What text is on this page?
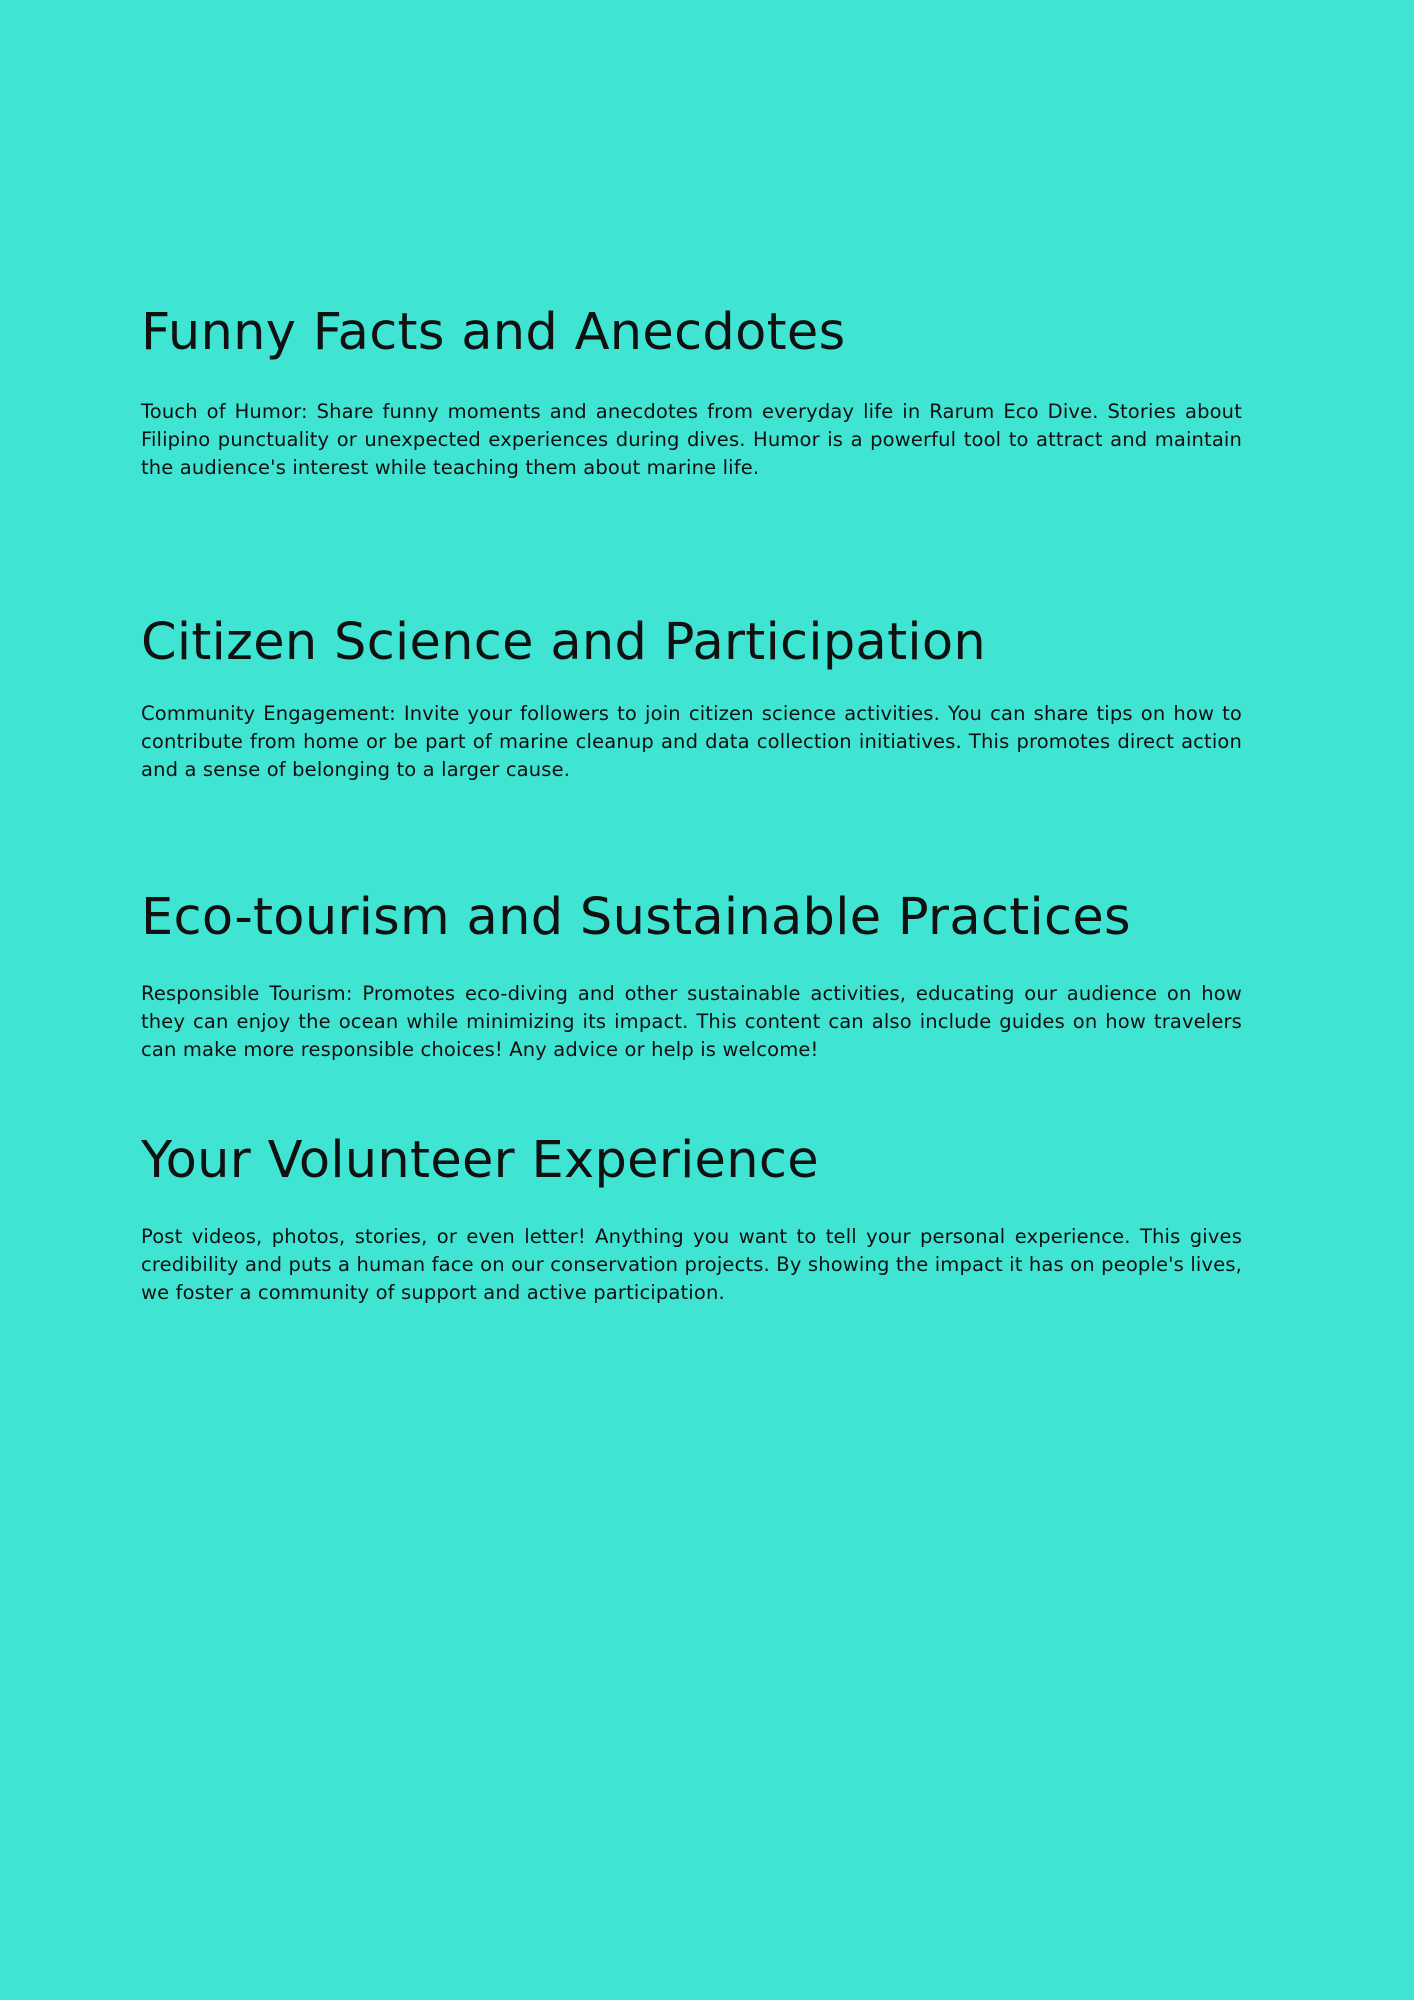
Funny Facts and Anecdotes

Touch of Humor: Share funny moments and anecdotes from everyday life in Rarum Eco Dive. Stories about Filipino punctuality or unexpected experiences during dives. Humor is a powerful tool to attract and maintain the audience's interest while teaching them about marine life.

Citizen Science and Participation

Community Engagement: Invite your followers to join citizen science activities. You can share tips on how to contribute from home or be part of marine cleanup and data collection initiatives. This promotes direct action and a sense of belonging to a larger cause.

Eco-tourism and Sustainable Practices

Responsible Tourism: Promotes eco-diving and other sustainable activities, educating our audience on how they can enjoy the ocean while minimizing its impact. This content can also include guides on how travelers can make more responsible choices! Any advice or help is welcome!

Your Volunteer Experience

Post videos, photos, stories, or even letter! Anything you want to tell your personal experience. This gives credibility and puts a human face on our conservation projects. By showing the impact it has on people's lives, we foster a community of support and active participation.
